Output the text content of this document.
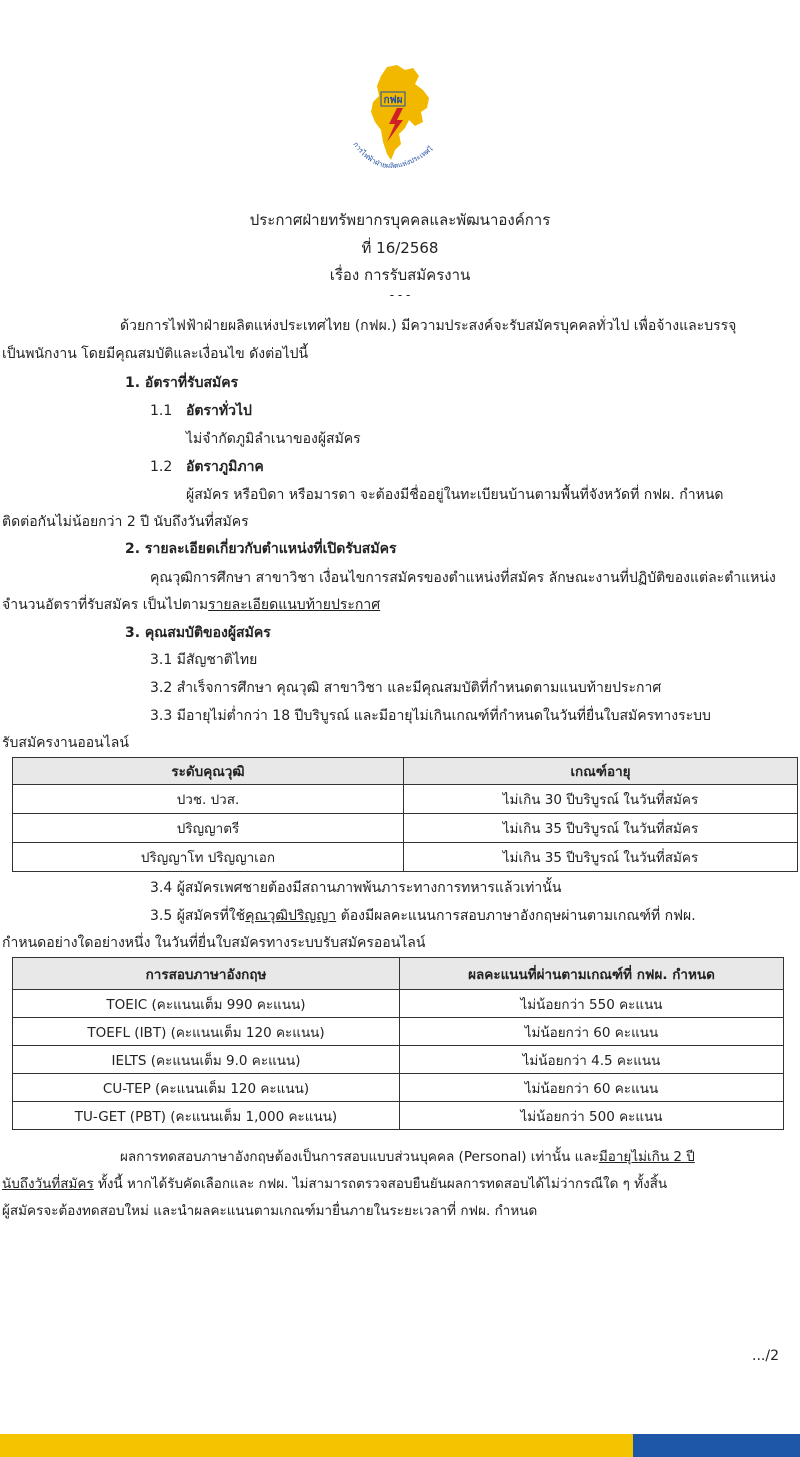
กฟผ
การไฟฟ้าฝ่ายผลิตแห่งประเทศไ
ประกาศฝ่ายทรัพยากรบุคคลและพัฒนาองค์การ
ที่ 16/2568
เรื่อง การรับสมัครงาน
- - -
ด้วยการไฟฟ้าฝ่ายผลิตแห่งประเทศไทย (กฟผ.) มีความประสงค์จะรับสมัครบุคคลทั่วไป เพื่อจ้างและบรรจุ
เป็นพนักงาน โดยมีคุณสมบัติและเงื่อนไข ดังต่อไปนี้
1. อัตราที่รับสมัคร
1.1 อัตราทั่วไป
ไม่จำกัดภูมิลำเนาของผู้สมัคร
1.2 อัตราภูมิภาค
ผู้สมัคร หรือบิดา หรือมารดา จะต้องมีชื่ออยู่ในทะเบียนบ้านตามพื้นที่จังหวัดที่ กฟผ. กำหนด
ติดต่อกันไม่น้อยกว่า 2 ปี นับถึงวันที่สมัคร
2. รายละเอียดเกี่ยวกับตำแหน่งที่เปิดรับสมัคร
คุณวุฒิการศึกษา สาขาวิชา เงื่อนไขการสมัครของตำแหน่งที่สมัคร ลักษณะงานที่ปฏิบัติของแต่ละตำแหน่ง
จำนวนอัตราที่รับสมัคร เป็นไปตามรายละเอียดแนบท้ายประกาศ
3. คุณสมบัติของผู้สมัคร
3.1 มีสัญชาติไทย
3.2 สำเร็จการศึกษา คุณวุฒิ สาขาวิชา และมีคุณสมบัติที่กำหนดตามแนบท้ายประกาศ
3.3 มีอายุไม่ต่ำกว่า 18 ปีบริบูรณ์ และมีอายุไม่เกินเกณฑ์ที่กำหนดในวันที่ยื่นใบสมัครทางระบบ
รับสมัครงานออนไลน์
ระดับคุณวุฒิ	เกณฑ์อายุ
ปวช. ปวส.	ไม่เกิน 30 ปีบริบูรณ์ ในวันที่สมัคร
ปริญญาตรี	ไม่เกิน 35 ปีบริบูรณ์ ในวันที่สมัคร
ปริญญาโท ปริญญาเอก	ไม่เกิน 35 ปีบริบูรณ์ ในวันที่สมัคร
3.4 ผู้สมัครเพศชายต้องมีสถานภาพพ้นภาระทางการทหารแล้วเท่านั้น
3.5 ผู้สมัครที่ใช้คุณวุฒิปริญญา ต้องมีผลคะแนนการสอบภาษาอังกฤษผ่านตามเกณฑ์ที่ กฟผ.
กำหนดอย่างใดอย่างหนึ่ง ในวันที่ยื่นใบสมัครทางระบบรับสมัครออนไลน์
การสอบภาษาอังกฤษ	ผลคะแนนที่ผ่านตามเกณฑ์ที่ กฟผ. กำหนด
TOEIC (คะแนนเต็ม 990 คะแนน)	ไม่น้อยกว่า 550 คะแนน
TOEFL (IBT) (คะแนนเต็ม 120 คะแนน)	ไม่น้อยกว่า 60 คะแนน
IELTS (คะแนนเต็ม 9.0 คะแนน)	ไม่น้อยกว่า 4.5 คะแนน
CU-TEP (คะแนนเต็ม 120 คะแนน)	ไม่น้อยกว่า 60 คะแนน
TU-GET (PBT) (คะแนนเต็ม 1,000 คะแนน)	ไม่น้อยกว่า 500 คะแนน
ผลการทดสอบภาษาอังกฤษต้องเป็นการสอบแบบส่วนบุคคล (Personal) เท่านั้น และมีอายุไม่เกิน 2 ปี
นับถึงวันที่สมัคร ทั้งนี้ หากได้รับคัดเลือกและ กฟผ. ไม่สามารถตรวจสอบยืนยันผลการทดสอบได้ไม่ว่ากรณีใด ๆ ทั้งสิ้น
ผู้สมัครจะต้องทดสอบใหม่ และนำผลคะแนนตามเกณฑ์มายื่นภายในระยะเวลาที่ กฟผ. กำหนด
.../2
